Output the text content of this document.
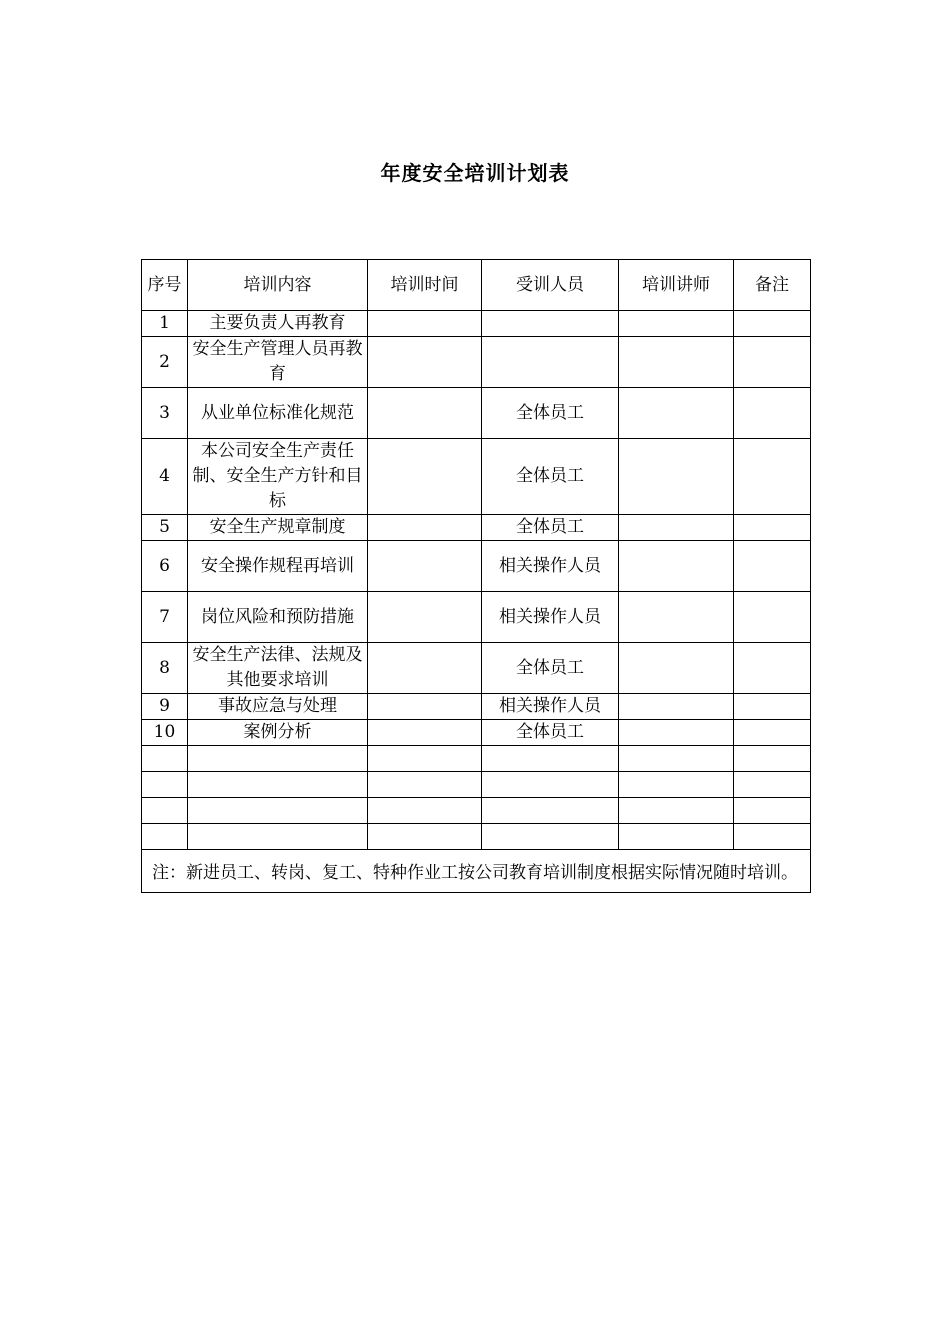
年度安全培训计划表
序号	培训内容	培训时间	受训人员	培训讲师	备注
1	主要负责人再教育				
2	安全生产管理人员再教育				
3	从业单位标准化规范		全体员工		
4	本公司安全生产责任制、安全生产方针和目标		全体员工		
5	安全生产规章制度		全体员工		
6	安全操作规程再培训		相关操作人员		
7	岗位风险和预防措施		相关操作人员		
8	安全生产法律、法规及其他要求培训		全体员工		
9	事故应急与处理		相关操作人员		
10	案例分析		全体员工		

注：新进员工、转岗、复工、特种作业工按公司教育培训制度根据实际情况随时培训。					
